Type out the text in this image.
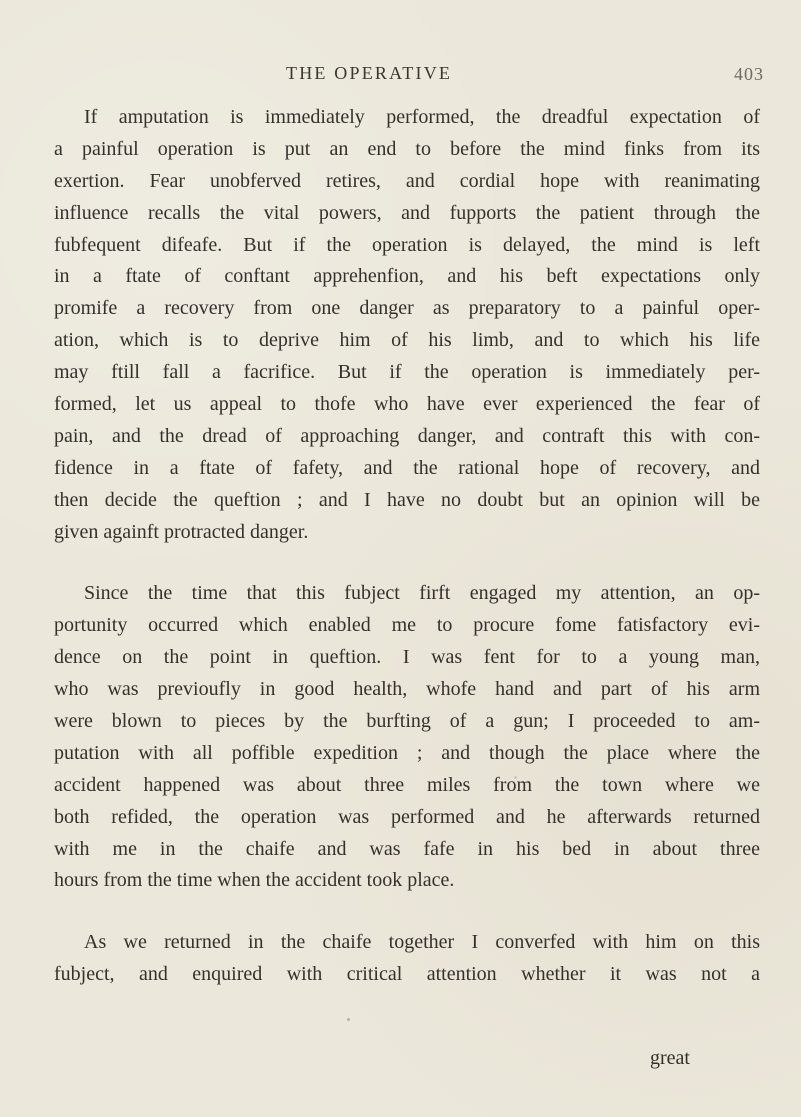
THE OPERATIVE	403
If amputation is immediately performed, the dreadful expectation of
a painful operation is put an end to before the mind finks from its
exertion. Fear unobferved retires, and cordial hope with reanimating
influence recalls the vital powers, and fupports the patient through the
fubfequent difeafe. But if the operation is delayed, the mind is left
in a ftate of conftant apprehenfion, and his beft expectations only
promife a recovery from one danger as preparatory to a painful oper-
ation, which is to deprive him of his limb, and to which his life
may ftill fall a facrifice. But if the operation is immediately per-
formed, let us appeal to thofe who have ever experienced the fear of
pain, and the dread of approaching danger, and contraft this with con-
fidence in a ftate of fafety, and the rational hope of recovery, and
then decide the queftion ; and I have no doubt but an opinion will be
given againft protracted danger.
Since the time that this fubject firft engaged my attention, an op-
portunity occurred which enabled me to procure fome fatisfactory evi-
dence on the point in queftion. I was fent for to a young man,
who was previoufly in good health, whofe hand and part of his arm
were blown to pieces by the burfting of a gun; I proceeded to am-
putation with all poffible expedition ; and though the place where the
accident happened was about three miles from the town where we
both refided, the operation was performed and he afterwards returned
with me in the chaife and was fafe in his bed in about three
hours from the time when the accident took place.
As we returned in the chaife together I converfed with him on this
fubject, and enquired with critical attention whether it was not a
great
